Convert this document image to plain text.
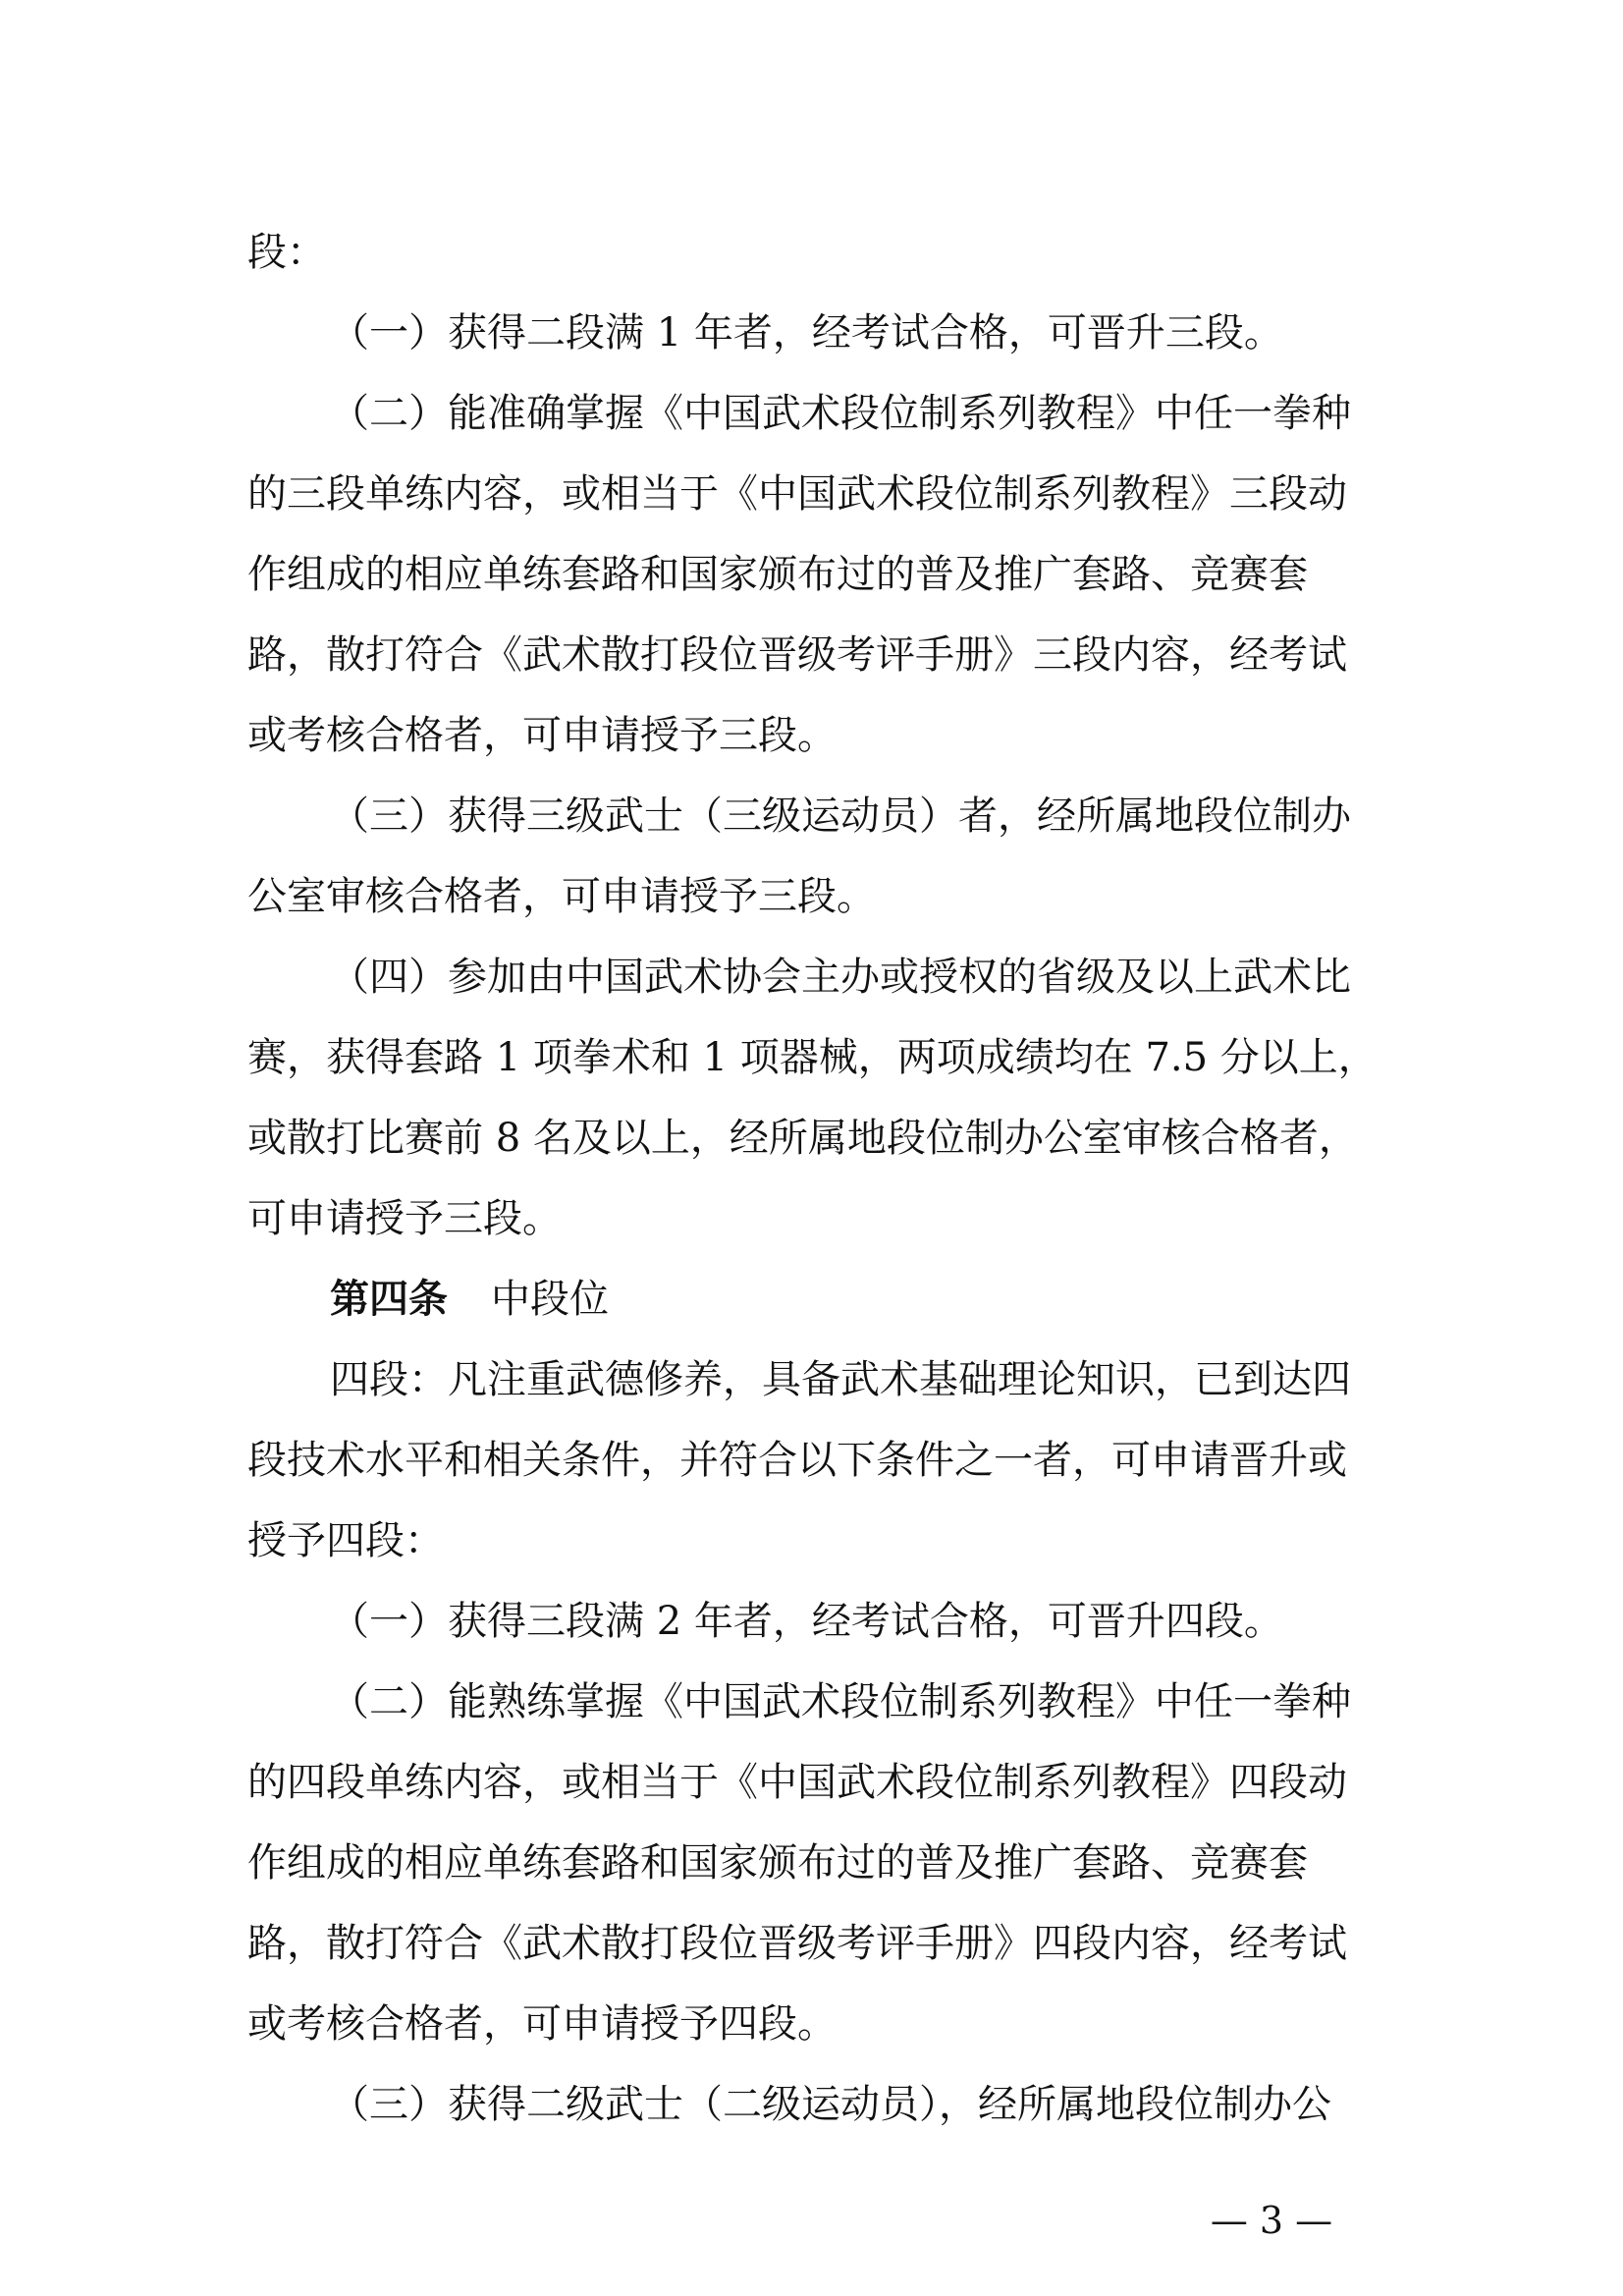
段：
（一）获得二段满 1 年者，经考试合格，可晋升三段。
（二）能准确掌握《中国武术段位制系列教程》中任一拳种
的三段单练内容，或相当于《中国武术段位制系列教程》三段动
作组成的相应单练套路和国家颁布过的普及推广套路、竞赛套
路，散打符合《武术散打段位晋级考评手册》三段内容，经考试
或考核合格者，可申请授予三段。
（三）获得三级武士（三级运动员）者，经所属地段位制办
公室审核合格者，可申请授予三段。
（四）参加由中国武术协会主办或授权的省级及以上武术比
赛，获得套路 1 项拳术和 1 项器械，两项成绩均在 7.5 分以上，
或散打比赛前 8 名及以上，经所属地段位制办公室审核合格者，
可申请授予三段。
第四条 中段位
四段：凡注重武德修养，具备武术基础理论知识，已到达四
段技术水平和相关条件，并符合以下条件之一者，可申请晋升或
授予四段：
（一）获得三段满 2 年者，经考试合格，可晋升四段。
（二）能熟练掌握《中国武术段位制系列教程》中任一拳种
的四段单练内容，或相当于《中国武术段位制系列教程》四段动
作组成的相应单练套路和国家颁布过的普及推广套路、竞赛套
路，散打符合《武术散打段位晋级考评手册》四段内容，经考试
或考核合格者，可申请授予四段。
（三）获得二级武士（二级运动员），经所属地段位制办公
— 3 —
